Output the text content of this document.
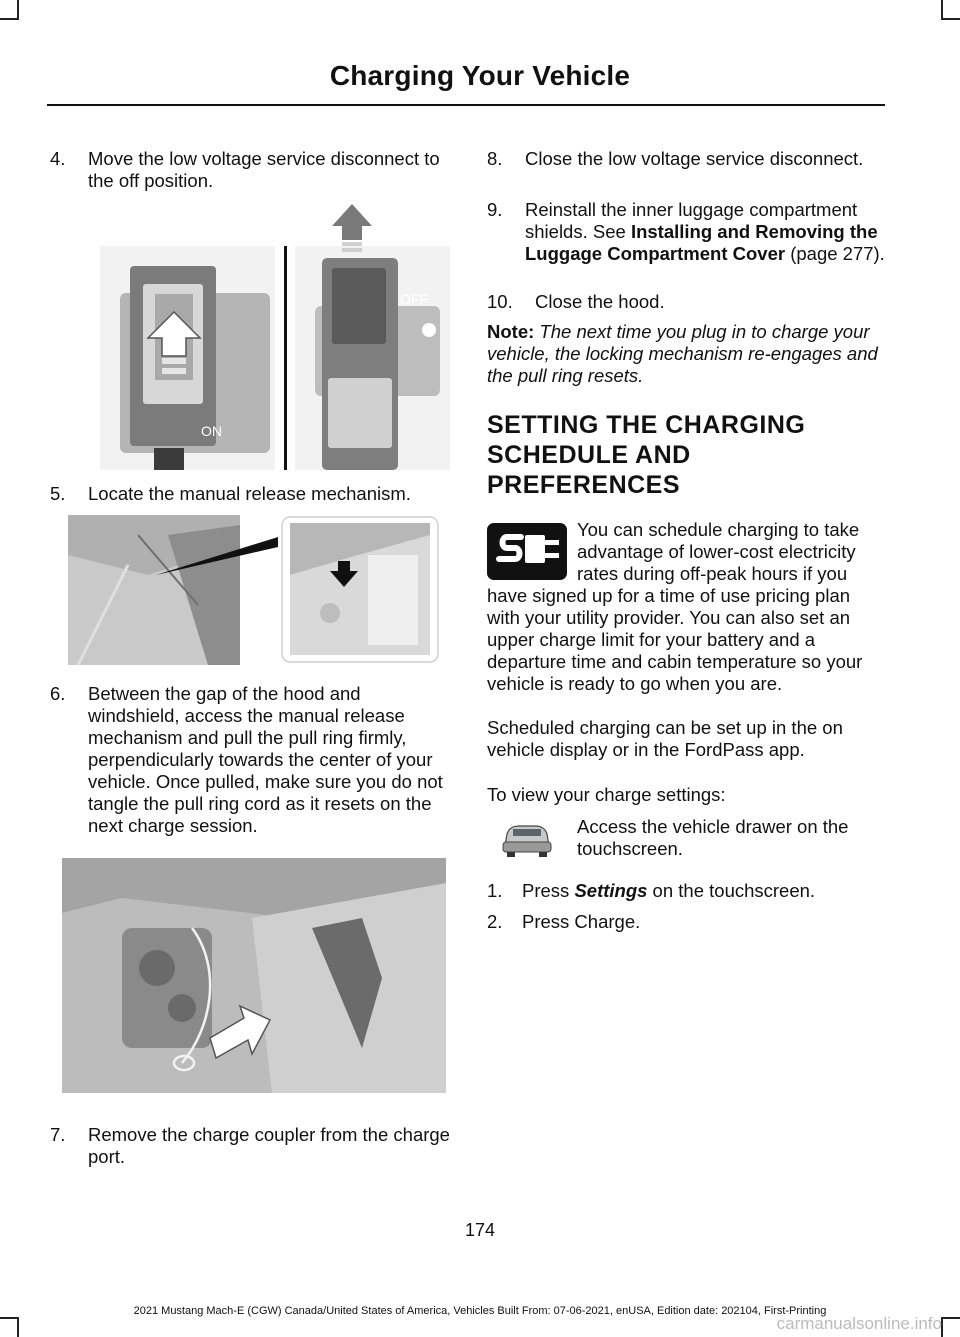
Charging Your Vehicle
4.	Move the low voltage service disconnect to the off position.
ON
OFF
5.	Locate the manual release mechanism.
6.	Between the gap of the hood and windshield, access the manual release mechanism and pull the pull ring firmly, perpendicularly towards the center of your vehicle. Once pulled, make sure you do not tangle the pull ring cord as it resets on the next charge session.
7.	Remove the charge coupler from the charge port.
8.	Close the low voltage service disconnect.
9.	Reinstall the inner luggage compartment shields. See Installing and Removing the Luggage Compartment Cover (page 277).
10.	Close the hood.

Note: The next time you plug in to charge your vehicle, the locking mechanism re-engages and the pull ring resets.

SETTING THE CHARGING SCHEDULE AND PREFERENCES

You can schedule charging to take advantage of lower-cost electricity rates during off-peak hours if you have signed up for a time of use pricing plan with your utility provider. You can also set an upper charge limit for your battery and a departure time and cabin temperature so your vehicle is ready to go when you are.

Scheduled charging can be set up in the on vehicle display or in the FordPass app.

To view your charge settings:

Access the vehicle drawer on the touchscreen.

1.	Press Settings on the touchscreen.
2.	Press Charge.
174
2021 Mustang Mach-E (CGW) Canada/United States of America, Vehicles Built From: 07-06-2021, enUSA, Edition date: 202104, First-Printing
carmanualsonline.info
